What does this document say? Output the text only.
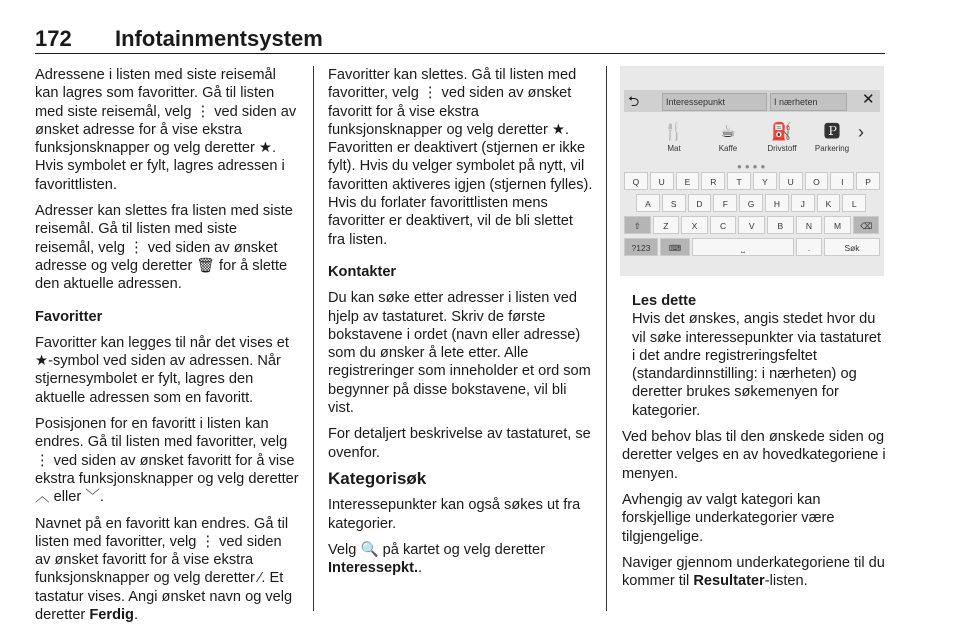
172 Infotainmentsystem

Adressene i listen med siste reisemål kan lagres som favoritter. Gå til listen med siste reisemål, velg ⋮ ved siden av ønsket adresse for å vise ekstra funksjonsknapper og velg deretter ★. Hvis symbolet er fylt, lagres adressen i favorittlisten.

Adresser kan slettes fra listen med siste reisemål. Gå til listen med siste reisemål, velg ⋮ ved siden av ønsket adresse og velg deretter 🗑 for å slette den aktuelle adressen.

Favoritter

Favoritter kan legges til når det vises et ★-symbol ved siden av adressen. Når stjernesymbolet er fylt, lagres den aktuelle adressen som en favoritt.

Posisjonen for en favoritt i listen kan endres. Gå til listen med favoritter, velg ⋮ ved siden av ønsket favoritt for å vise ekstra funksjonsknapper og velg deretter ︿ eller ﹀.

Navnet på en favoritt kan endres. Gå til listen med favoritter, velg ⋮ ved siden av ønsket favoritt for å vise ekstra funksjonsknapper og velg deretter ⁄. Et tastatur vises. Angi ønsket navn og velg deretter Ferdig.

Favoritter kan slettes. Gå til listen med favoritter, velg ⋮ ved siden av ønsket favoritt for å vise ekstra funksjonsknapper og velg deretter ★. Favoritten er deaktivert (stjernen er ikke fylt). Hvis du velger symbolet på nytt, vil favoritten aktiveres igjen (stjernen fylles). Hvis du forlater favorittlisten mens favoritter er deaktivert, vil de bli slettet fra listen.

Kontakter

Du kan søke etter adresser i listen ved hjelp av tastaturet. Skriv de første bokstavene i ordet (navn eller adresse) som du ønsker å lete etter. Alle registreringer som inneholder et ord som begynner på disse bokstavene, vil bli vist.

For detaljert beskrivelse av tastaturet, se ovenfor.

Kategorisøk

Interessepunkter kan også søkes ut fra kategorier.

Velg 🔍 på kartet og velg deretter Interessepkt..

⮌	Interessepunkt	I nærheten	✕
🍴
Mat
☕
Kaffe
⛽
Drivstoff
🅿
Parkering
›
●●●●
Q	U	E	R	T	Y	U	O	I	P
A	S	D	F	G	H	J	K	L
⇧	Z	X	C	V	B	N	M	⌫
?123	⌨	⎵	.	Søk

Les dette

Hvis det ønskes, angis stedet hvor du vil søke interessepunkter via tastaturet i det andre registreringsfeltet (standardinnstilling: i nærheten) og deretter brukes søkemenyen for kategorier.

Ved behov blas til den ønskede siden og deretter velges en av hovedkategoriene i menyen.

Avhengig av valgt kategori kan forskjellige underkategorier være tilgjengelige.

Naviger gjennom underkategoriene til du kommer til Resultater-listen.
